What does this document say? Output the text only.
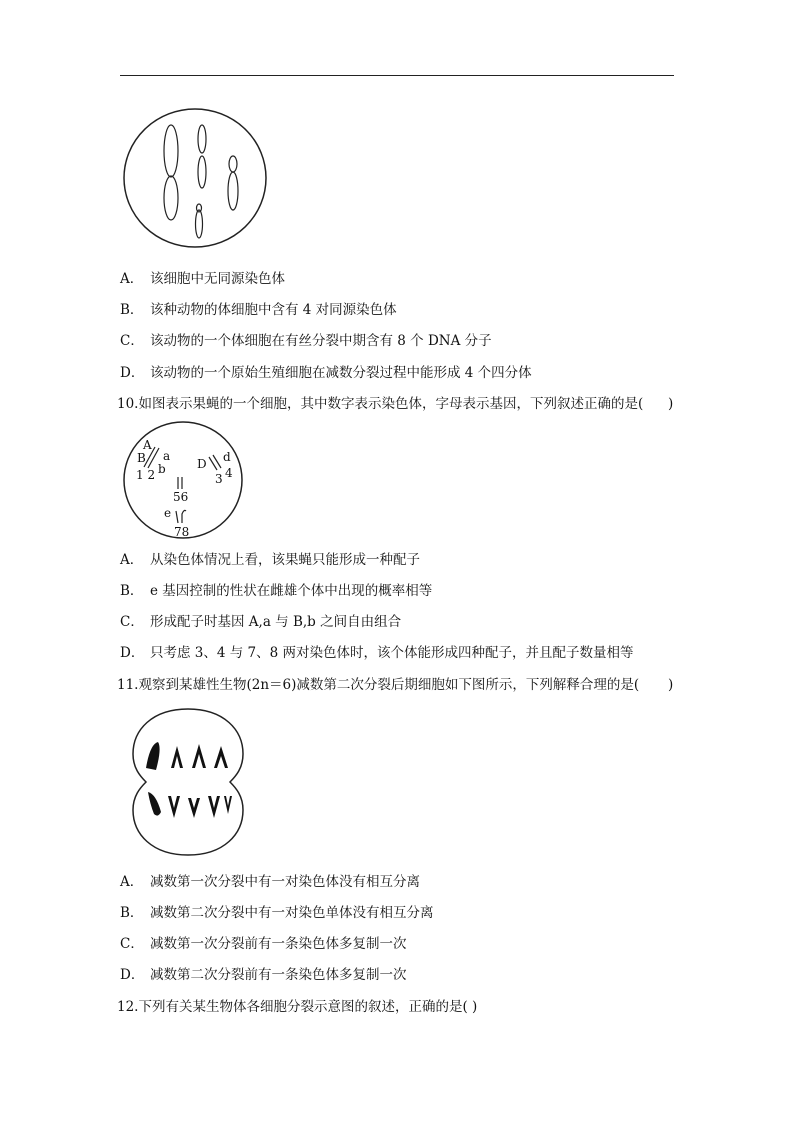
A． 该细胞中无同源染色体
B． 该种动物的体细胞中含有 4 对同源染色体
C． 该动物的一个体细胞在有丝分裂中期含有 8 个 DNA 分子
D． 该动物的一个原始生殖细胞在减数分裂过程中能形成 4 个四分体
10.如图表示果蝇的一个细胞，其中数字表示染色体，字母表示基因，下列叙述正确的是( )
A
B a
b
1 2
D d
3 4
56
e
78
A． 从染色体情况上看，该果蝇只能形成一种配子
B． e 基因控制的性状在雌雄个体中出现的概率相等
C． 形成配子时基因 A,a 与 B,b 之间自由组合
D． 只考虑 3、4 与 7、8 两对染色体时，该个体能形成四种配子，并且配子数量相等
11.观察到某雄性生物(2n＝6)减数第二次分裂后期细胞如下图所示，下列解释合理的是( )
A． 减数第一次分裂中有一对染色体没有相互分离
B． 减数第二次分裂中有一对染色单体没有相互分离
C． 减数第一次分裂前有一条染色体多复制一次
D． 减数第二次分裂前有一条染色体多复制一次
12.下列有关某生物体各细胞分裂示意图的叙述，正确的是( )
